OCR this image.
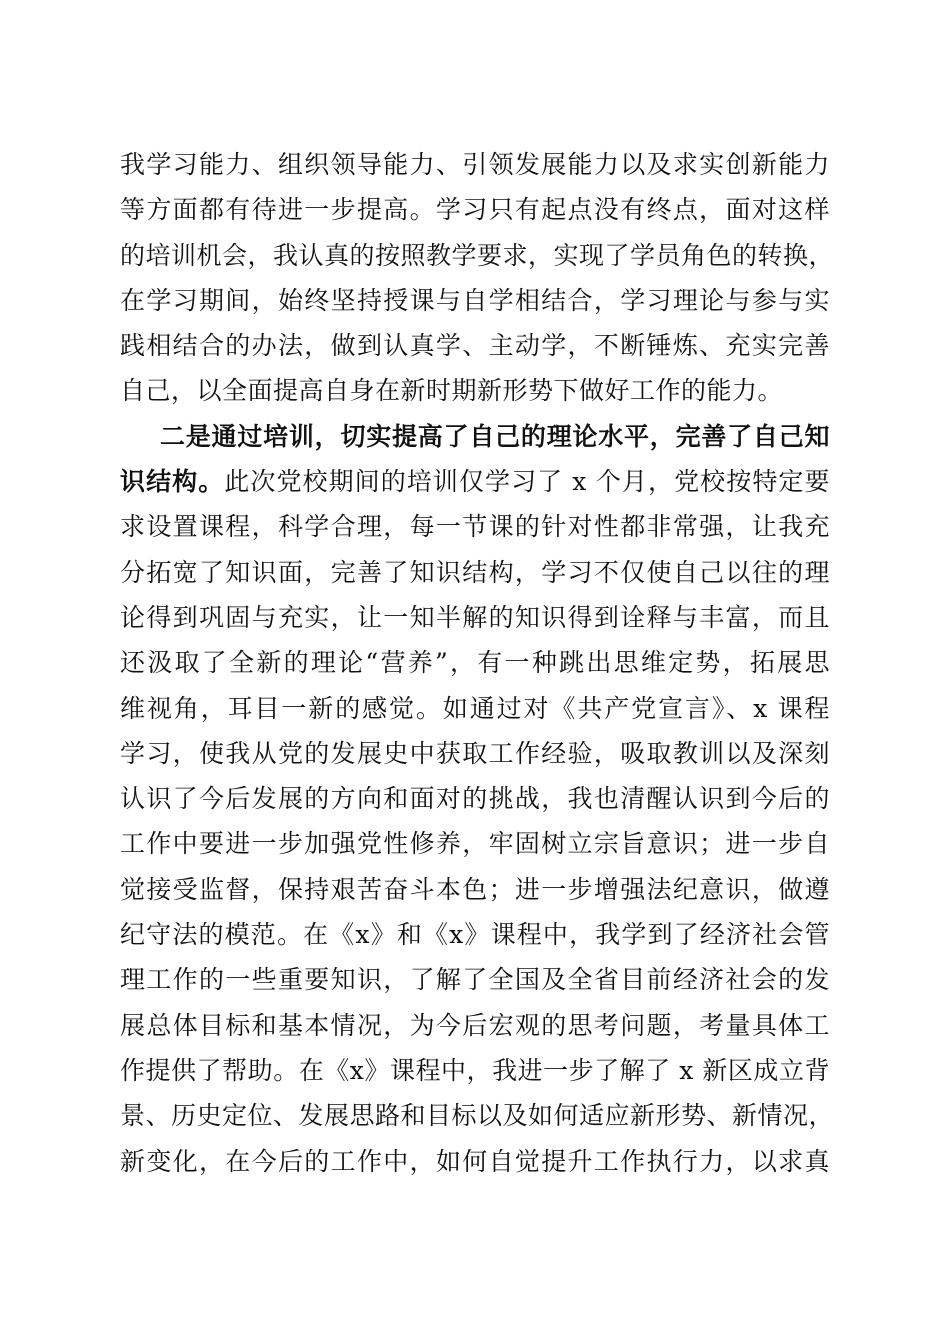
我学习能力、组织领导能力、引领发展能力以及求实创新能力
等方面都有待进一步提高。学习只有起点没有终点，面对这样
的培训机会，我认真的按照教学要求，实现了学员角色的转换，
在学习期间，始终坚持授课与自学相结合，学习理论与参与实
践相结合的办法，做到认真学、主动学，不断锤炼、充实完善
自己，以全面提高自身在新时期新形势下做好工作的能力。
二是通过培训，切实提高了自己的理论水平，完善了自己知
识结构。此次党校期间的培训仅学习了 x 个月，党校按特定要
求设置课程，科学合理，每一节课的针对性都非常强，让我充
分拓宽了知识面，完善了知识结构，学习不仅使自己以往的理
论得到巩固与充实，让一知半解的知识得到诠释与丰富，而且
还汲取了全新的理论“营养”，有一种跳出思维定势，拓展思
维视角，耳目一新的感觉。如通过对《共产党宣言》、x 课程
学习，使我从党的发展史中获取工作经验，吸取教训以及深刻
认识了今后发展的方向和面对的挑战，我也清醒认识到今后的
工作中要进一步加强党性修养，牢固树立宗旨意识；进一步自
觉接受监督，保持艰苦奋斗本色；进一步增强法纪意识，做遵
纪守法的模范。在《x》和《x》课程中，我学到了经济社会管
理工作的一些重要知识，了解了全国及全省目前经济社会的发
展总体目标和基本情况，为今后宏观的思考问题，考量具体工
作提供了帮助。在《x》课程中，我进一步了解了 x 新区成立背
景、历史定位、发展思路和目标以及如何适应新形势、新情况，
新变化，在今后的工作中，如何自觉提升工作执行力，以求真
